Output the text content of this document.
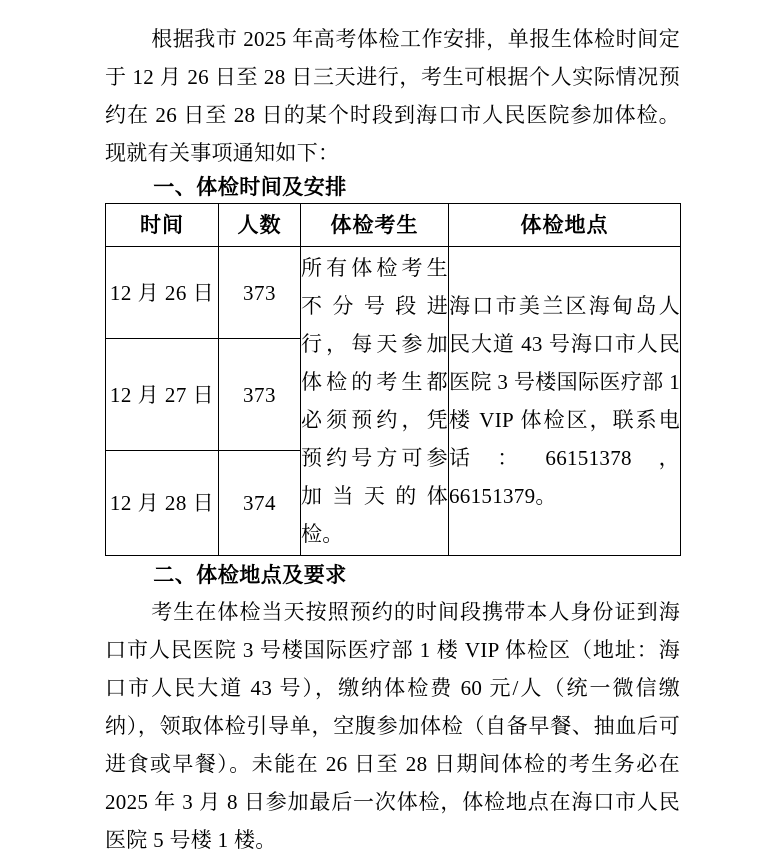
根据我市 2025 年高考体检工作安排，单报生体检时间定于 12 月 26 日至 28 日三天进行，考生可根据个人实际情况预约在 26 日至 28 日的某个时段到海口市人民医院参加体检。现就有关事项通知如下：

一、体检时间及安排
时间	人数	体检考生	体检地点
12 月 26 日	373	所有体检考生不分号段进行，每天参加体检的考生都必须预约，凭预约号方可参加当天的体检。	海口市美兰区海甸岛人民大道 43 号海口市人民医院 3 号楼国际医疗部 1 楼 VIP 体检区，联系电话：66151378，66151379。
12 月 27 日	373		
12 月 28 日	374		
二、体检地点及要求

考生在体检当天按照预约的时间段携带本人身份证到海口市人民医院 3 号楼国际医疗部 1 楼 VIP 体检区（地址：海口市人民大道 43 号），缴纳体检费 60 元/人（统一微信缴纳），领取体检引导单，空腹参加体检（自备早餐、抽血后可进食或早餐）。未能在 26 日至 28 日期间体检的考生务必在 2025 年 3 月 8 日参加最后一次体检，体检地点在海口市人民医院 5 号楼 1 楼。
